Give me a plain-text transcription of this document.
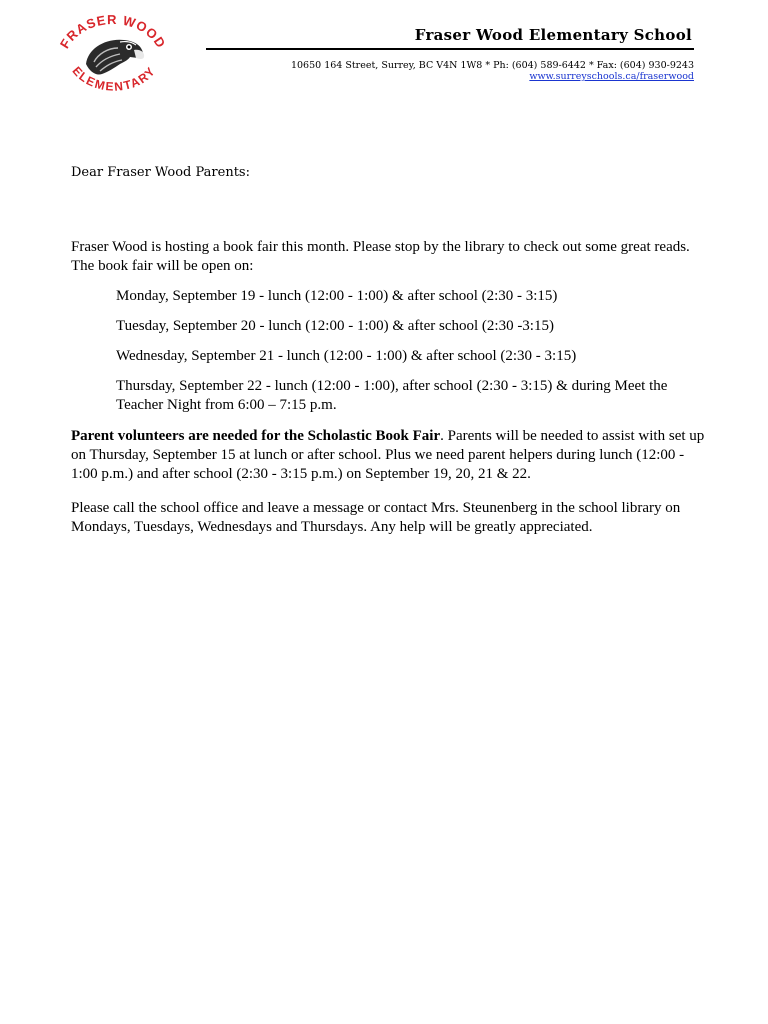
FRASER WOOD
ELEMENTARY
Fraser Wood Elementary School
10650 164 Street, Surrey, BC V4N 1W8 * Ph: (604) 589-6442 * Fax: (604) 930-9243
www.surreyschools.ca/fraserwood
Dear Fraser Wood Parents:

Fraser Wood is hosting a book fair this month. Please stop by the library to check out some great reads. The book fair will be open on:

Monday, September 19 - lunch (12:00 - 1:00) & after school (2:30 - 3:15)
Tuesday, September 20 - lunch (12:00 - 1:00) & after school (2:30 -3:15)
Wednesday, September 21 - lunch (12:00 - 1:00) & after school (2:30 - 3:15)
Thursday, September 22 - lunch (12:00 - 1:00), after school (2:30 - 3:15) & during Meet the Teacher Night from 6:00 – 7:15 p.m.

Parent volunteers are needed for the Scholastic Book Fair. Parents will be needed to assist with set up on Thursday, September 15 at lunch or after school. Plus we need parent helpers during lunch (12:00 - 1:00 p.m.) and after school (2:30 - 3:15 p.m.) on September 19, 20, 21 & 22.

Please call the school office and leave a message or contact Mrs. Steunenberg in the school library on Mondays, Tuesdays, Wednesdays and Thursdays. Any help will be greatly appreciated.
